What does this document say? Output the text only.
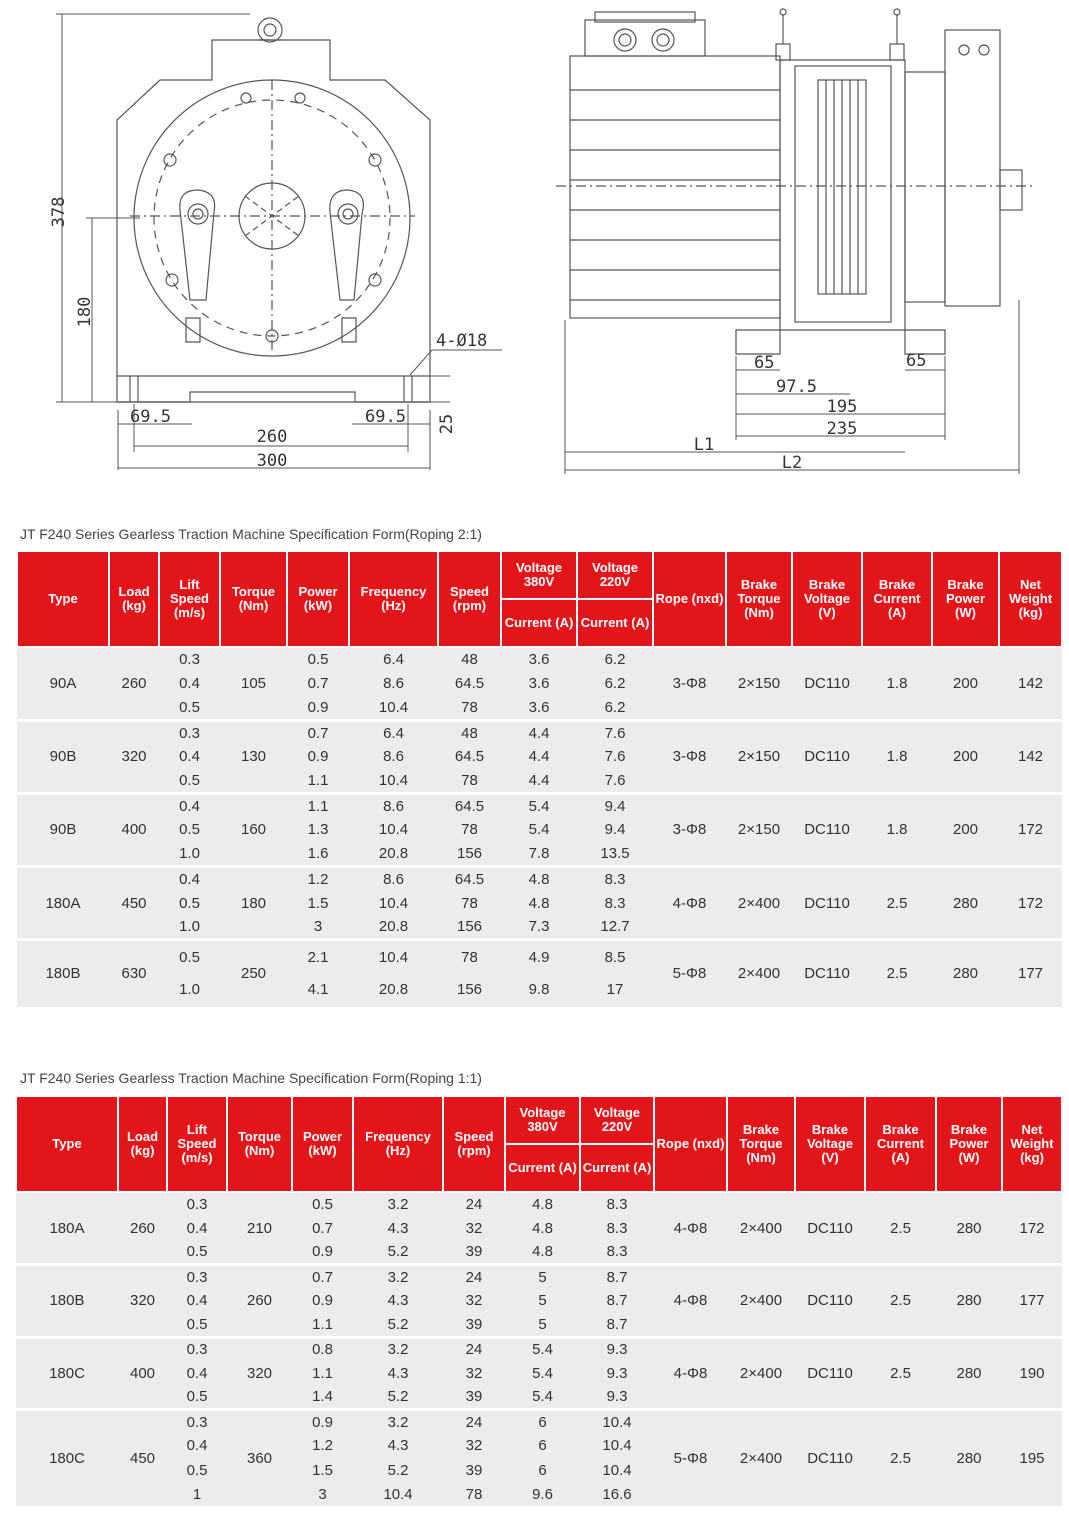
378
180
4-Ø18
69.5	69.5 25
260
300
65	65
97.5
195
235
L1
L2
JT F240 Series Gearless Traction Machine Specification Form(Roping 2:1)
Type	Load (kg)	Lift Speed (m/s)	Torque (Nm)	Power (kW)	Frequency (Hz)	Speed (rpm)	Voltage 380V	Voltage 220V	Rope (nxd)	Brake Torque (Nm)	Brake Voltage (V)	Brake Current (A)	Brake Power (W)	Net Weight (kg)
							Current (A)	Current (A)						
90A	260	0.3	105	0.5	6.4	48	3.6	6.2	3-Φ8	2×150	DC110	1.8	200	142
		0.4		0.7	8.6	64.5	3.6	6.2						
		0.5		0.9	10.4	78	3.6	6.2						
90B	320	0.3	130	0.7	6.4	48	4.4	7.6	3-Φ8	2×150	DC110	1.8	200	142
		0.4		0.9	8.6	64.5	4.4	7.6						
		0.5		1.1	10.4	78	4.4	7.6						
90B	400	0.4	160	1.1	8.6	64.5	5.4	9.4	3-Φ8	2×150	DC110	1.8	200	172
		0.5		1.3	10.4	78	5.4	9.4						
		1.0		1.6	20.8	156	7.8	13.5						
180A	450	0.4	180	1.2	8.6	64.5	4.8	8.3	4-Φ8	2×400	DC110	2.5	280	172
		0.5		1.5	10.4	78	4.8	8.3						
		1.0		3	20.8	156	7.3	12.7						
180B	630	0.5	250	2.1	10.4	78	4.9	8.5	5-Φ8	2×400	DC110	2.5	280	177
		1.0		4.1	20.8	156	9.8	17						
JT F240 Series Gearless Traction Machine Specification Form(Roping 1:1)
Type	Load (kg)	Lift Speed (m/s)	Torque (Nm)	Power (kW)	Frequency (Hz)	Speed (rpm)	Voltage 380V	Voltage 220V	Rope (nxd)	Brake Torque (Nm)	Brake Voltage (V)	Brake Current (A)	Brake Power (W)	Net Weight (kg)
							Current (A)	Current (A)						
180A	260	0.3	210	0.5	3.2	24	4.8	8.3	4-Φ8	2×400	DC110	2.5	280	172
		0.4		0.7	4.3	32	4.8	8.3						
		0.5		0.9	5.2	39	4.8	8.3						
180B	320	0.3	260	0.7	3.2	24	5	8.7	4-Φ8	2×400	DC110	2.5	280	177
		0.4		0.9	4.3	32	5	8.7						
		0.5		1.1	5.2	39	5	8.7						
180C	400	0.3	320	0.8	3.2	24	5.4	9.3	4-Φ8	2×400	DC110	2.5	280	190
		0.4		1.1	4.3	32	5.4	9.3						
		0.5		1.4	5.2	39	5.4	9.3						
180C	450	0.3	360	0.9	3.2	24	6	10.4	5-Φ8	2×400	DC110	2.5	280	195
		0.4		1.2	4.3	32	6	10.4						
		0.5		1.5	5.2	39	6	10.4						
		1		3	10.4	78	9.6	16.6						
